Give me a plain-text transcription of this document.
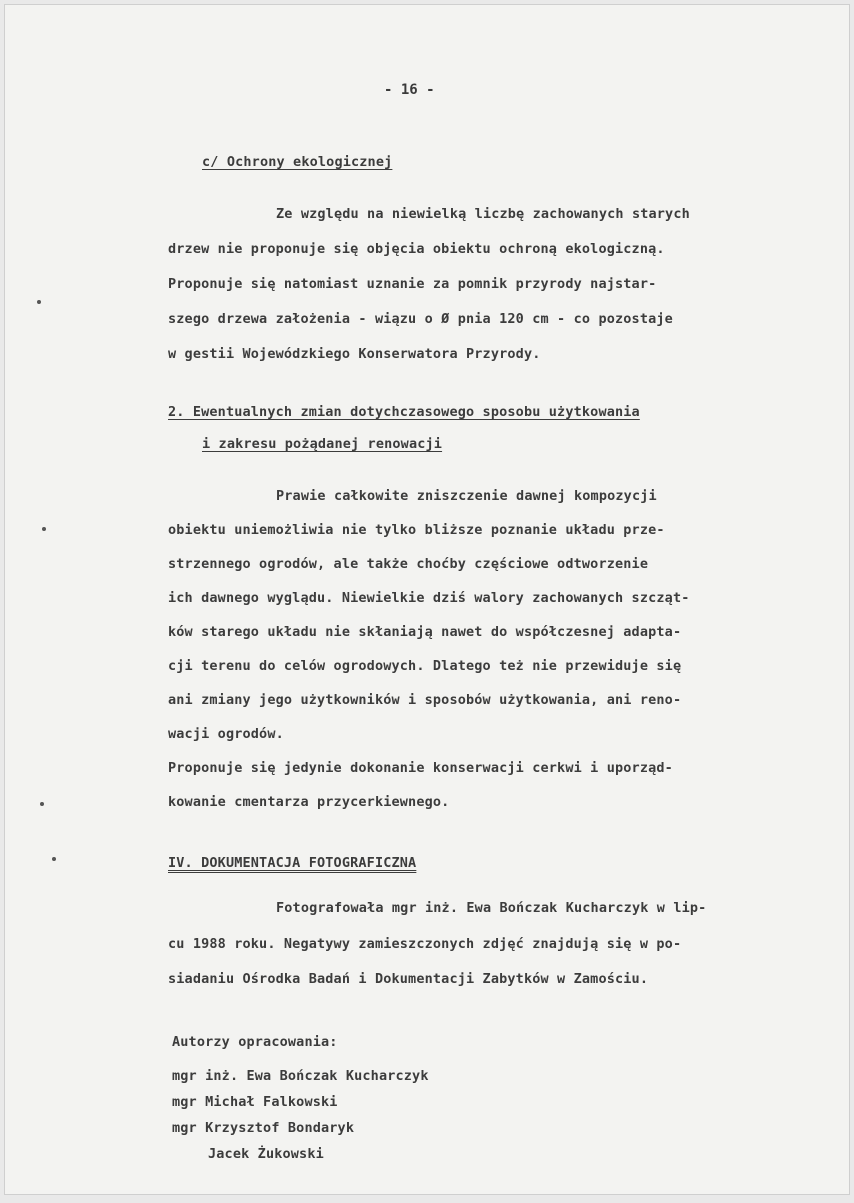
- 16 -
c/ Ochrony ekologicznej
Ze względu na niewielką liczbę zachowanych starych
drzew nie proponuje się objęcia obiektu ochroną ekologiczną.
Proponuje się natomiast uznanie za pomnik przyrody najstar-
szego drzewa założenia - wiązu o Ø pnia 120 cm - co pozostaje
w gestii Wojewódzkiego Konserwatora Przyrody.
2. Ewentualnych zmian dotychczasowego sposobu użytkowania
i zakresu pożądanej renowacji
Prawie całkowite zniszczenie dawnej kompozycji
obiektu uniemożliwia nie tylko bliższe poznanie układu prze-
strzennego ogrodów, ale także choćby częściowe odtworzenie
ich dawnego wyglądu. Niewielkie dziś walory zachowanych szcząt-
ków starego układu nie skłaniają nawet do współczesnej adapta-
cji terenu do celów ogrodowych. Dlatego też nie przewiduje się
ani zmiany jego użytkowników i sposobów użytkowania, ani reno-
wacji ogrodów.
Proponuje się jedynie dokonanie konserwacji cerkwi i uporząd-
kowanie cmentarza przycerkiewnego.
IV. DOKUMENTACJA FOTOGRAFICZNA
Fotografowała mgr inż. Ewa Bończak Kucharczyk w lip-
cu 1988 roku. Negatywy zamieszczonych zdjęć znajdują się w po-
siadaniu Ośrodka Badań i Dokumentacji Zabytków w Zamościu.
Autorzy opracowania:
mgr inż. Ewa Bończak Kucharczyk
mgr Michał Falkowski
mgr Krzysztof Bondaryk
Jacek Żukowski
